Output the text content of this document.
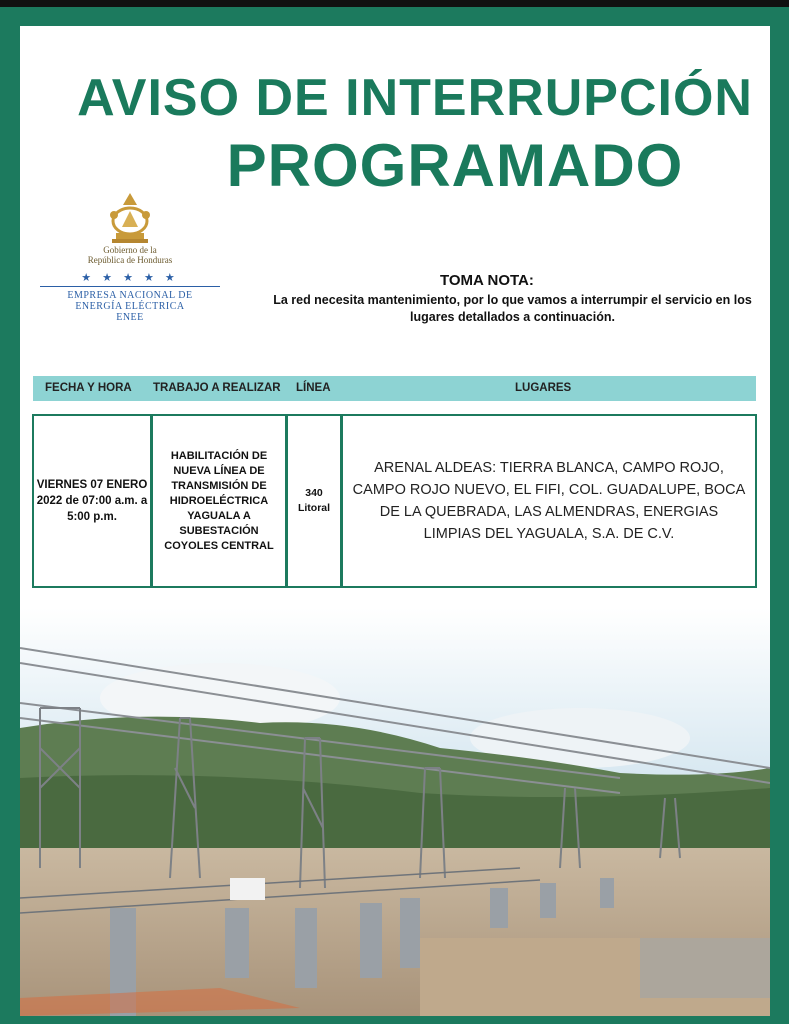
AVISO DE INTERRUPCIÓN
PROGRAMADO
Gobierno de la
República de Honduras
★ ★ ★ ★ ★
EMPRESA NACIONAL DE
ENERGÍA ELÉCTRICA
ENEE
TOMA NOTA:
La red necesita mantenimiento, por lo que vamos a interrumpir el servicio en los lugares detallados a continuación.
FECHA Y HORA TRABAJO A REALIZAR LÍNEA	LUGARES
VIERNES 07 ENERO 2022 de 07:00 a.m. a 5:00 p.m.
HABILITACIÓN DE NUEVA LÍNEA DE TRANSMISIÓN DE HIDROELÉCTRICA YAGUALA A SUBESTACIÓN COYOLES CENTRAL
340 Litoral
ARENAL ALDEAS: TIERRA BLANCA, CAMPO ROJO, CAMPO ROJO NUEVO, EL FIFI, COL. GUADALUPE, BOCA DE LA QUEBRADA, LAS ALMENDRAS, ENERGIAS LIMPIAS DEL YAGUALA, S.A. DE C.V.
